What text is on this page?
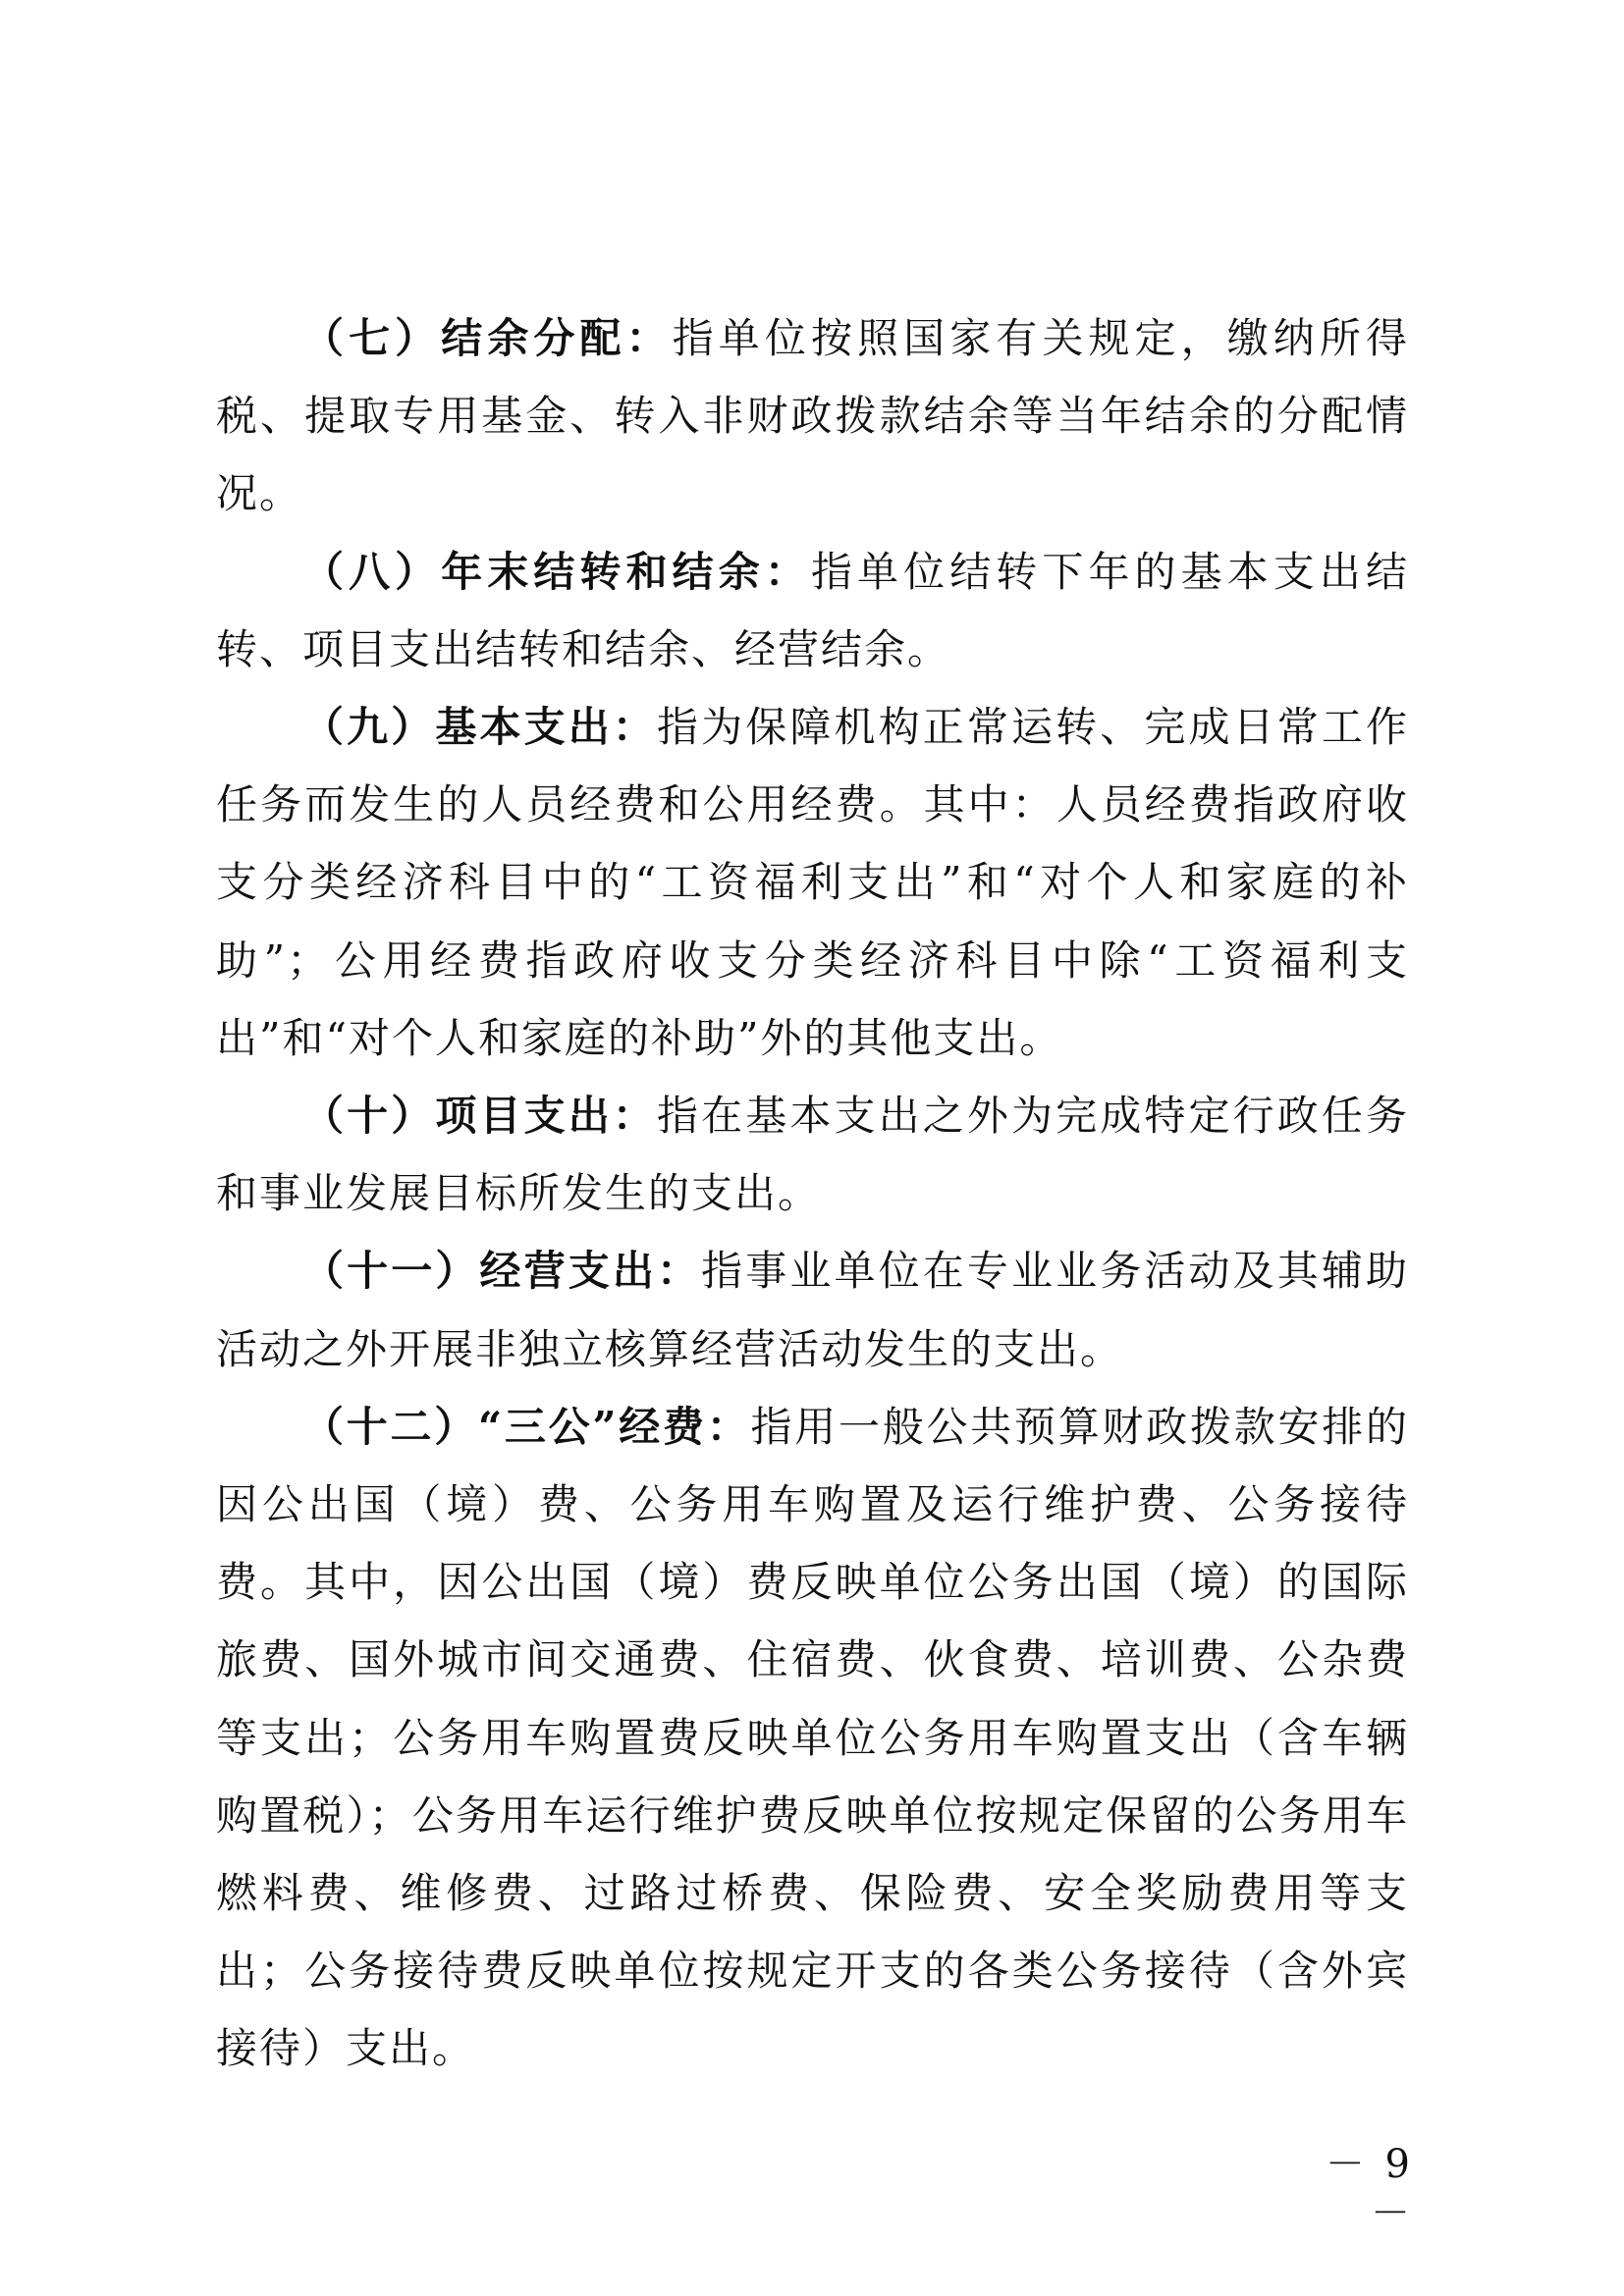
（七）结余分配：指单位按照国家有关规定，缴纳所得税、提取专用基金、转入非财政拨款结余等当年结余的分配情况。

（八）年末结转和结余：指单位结转下年的基本支出结转、项目支出结转和结余、经营结余。

（九）基本支出：指为保障机构正常运转、完成日常工作任务而发生的人员经费和公用经费。其中：人员经费指政府收支分类经济科目中的“工资福利支出”和“对个人和家庭的补助”；公用经费指政府收支分类经济科目中除“工资福利支出”和“对个人和家庭的补助”外的其他支出。

（十）项目支出：指在基本支出之外为完成特定行政任务和事业发展目标所发生的支出。

（十一）经营支出：指事业单位在专业业务活动及其辅助活动之外开展非独立核算经营活动发生的支出。

（十二）“三公”经费：指用一般公共预算财政拨款安排的因公出国（境）费、公务用车购置及运行维护费、公务接待费。其中，因公出国（境）费反映单位公务出国（境）的国际旅费、国外城市间交通费、住宿费、伙食费、培训费、公杂费等支出；公务用车购置费反映单位公务用车购置支出（含车辆购置税）；公务用车运行维护费反映单位按规定保留的公务用车燃料费、维修费、过路过桥费、保险费、安全奖励费用等支出；公务接待费反映单位按规定开支的各类公务接待（含外宾接待）支出。

－ 9 －
